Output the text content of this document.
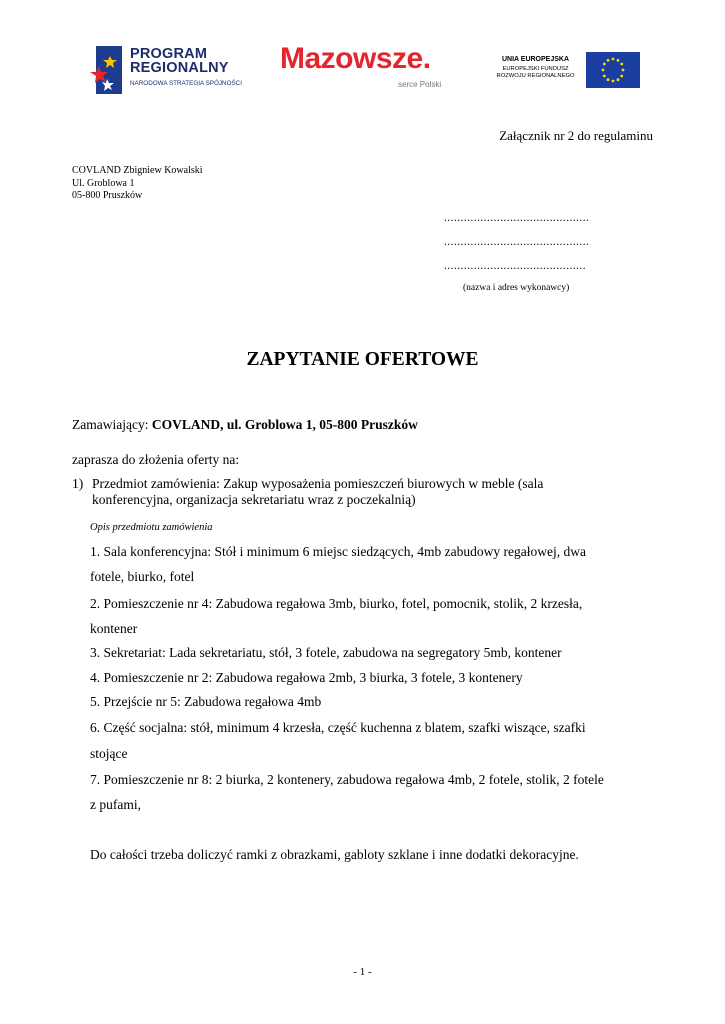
PROGRAM
REGIONALNY
NARODOWA STRATEGIA SPÓJNOŚCI
Mazowsze.
serce Polski
UNIA EUROPEJSKA
EUROPEJSKI FUNDUSZ
ROZWOJU REGIONALNEGO
Załącznik nr 2 do regulaminu
COVLAND Zbigniew Kowalski
Ul. Groblowa 1
05-800 Pruszków
............................................
............................................
...........................................
(nazwa i adres wykonawcy)
ZAPYTANIE OFERTOWE
Zamawiający: COVLAND, ul. Groblowa 1, 05-800 Pruszków
zaprasza do złożenia oferty na:
1) Przedmiot zamówienia: Zakup wyposażenia pomieszczeń biurowych w meble (sala
konferencyjna, organizacja sekretariatu wraz z poczekalnią)
Opis przedmiotu zamówienia
1. Sala konferencyjna: Stół i minimum 6 miejsc siedzących, 4mb zabudowy regałowej, dwa
fotele, biurko, fotel
2. Pomieszczenie nr 4: Zabudowa regałowa 3mb, biurko, fotel, pomocnik, stolik, 2 krzesła,
kontener
3. Sekretariat: Lada sekretariatu, stół, 3 fotele, zabudowa na segregatory 5mb, kontener
4. Pomieszczenie nr 2: Zabudowa regałowa 2mb, 3 biurka, 3 fotele, 3 kontenery
5. Przejście nr 5: Zabudowa regałowa 4mb
6. Część socjalna: stół, minimum 4 krzesła, część kuchenna z blatem, szafki wiszące, szafki
stojące
7. Pomieszczenie nr 8: 2 biurka, 2 kontenery, zabudowa regałowa 4mb, 2 fotele, stolik, 2 fotele
z pufami,
Do całości trzeba doliczyć ramki z obrazkami, gabloty szklane i inne dodatki dekoracyjne.
- 1 -
